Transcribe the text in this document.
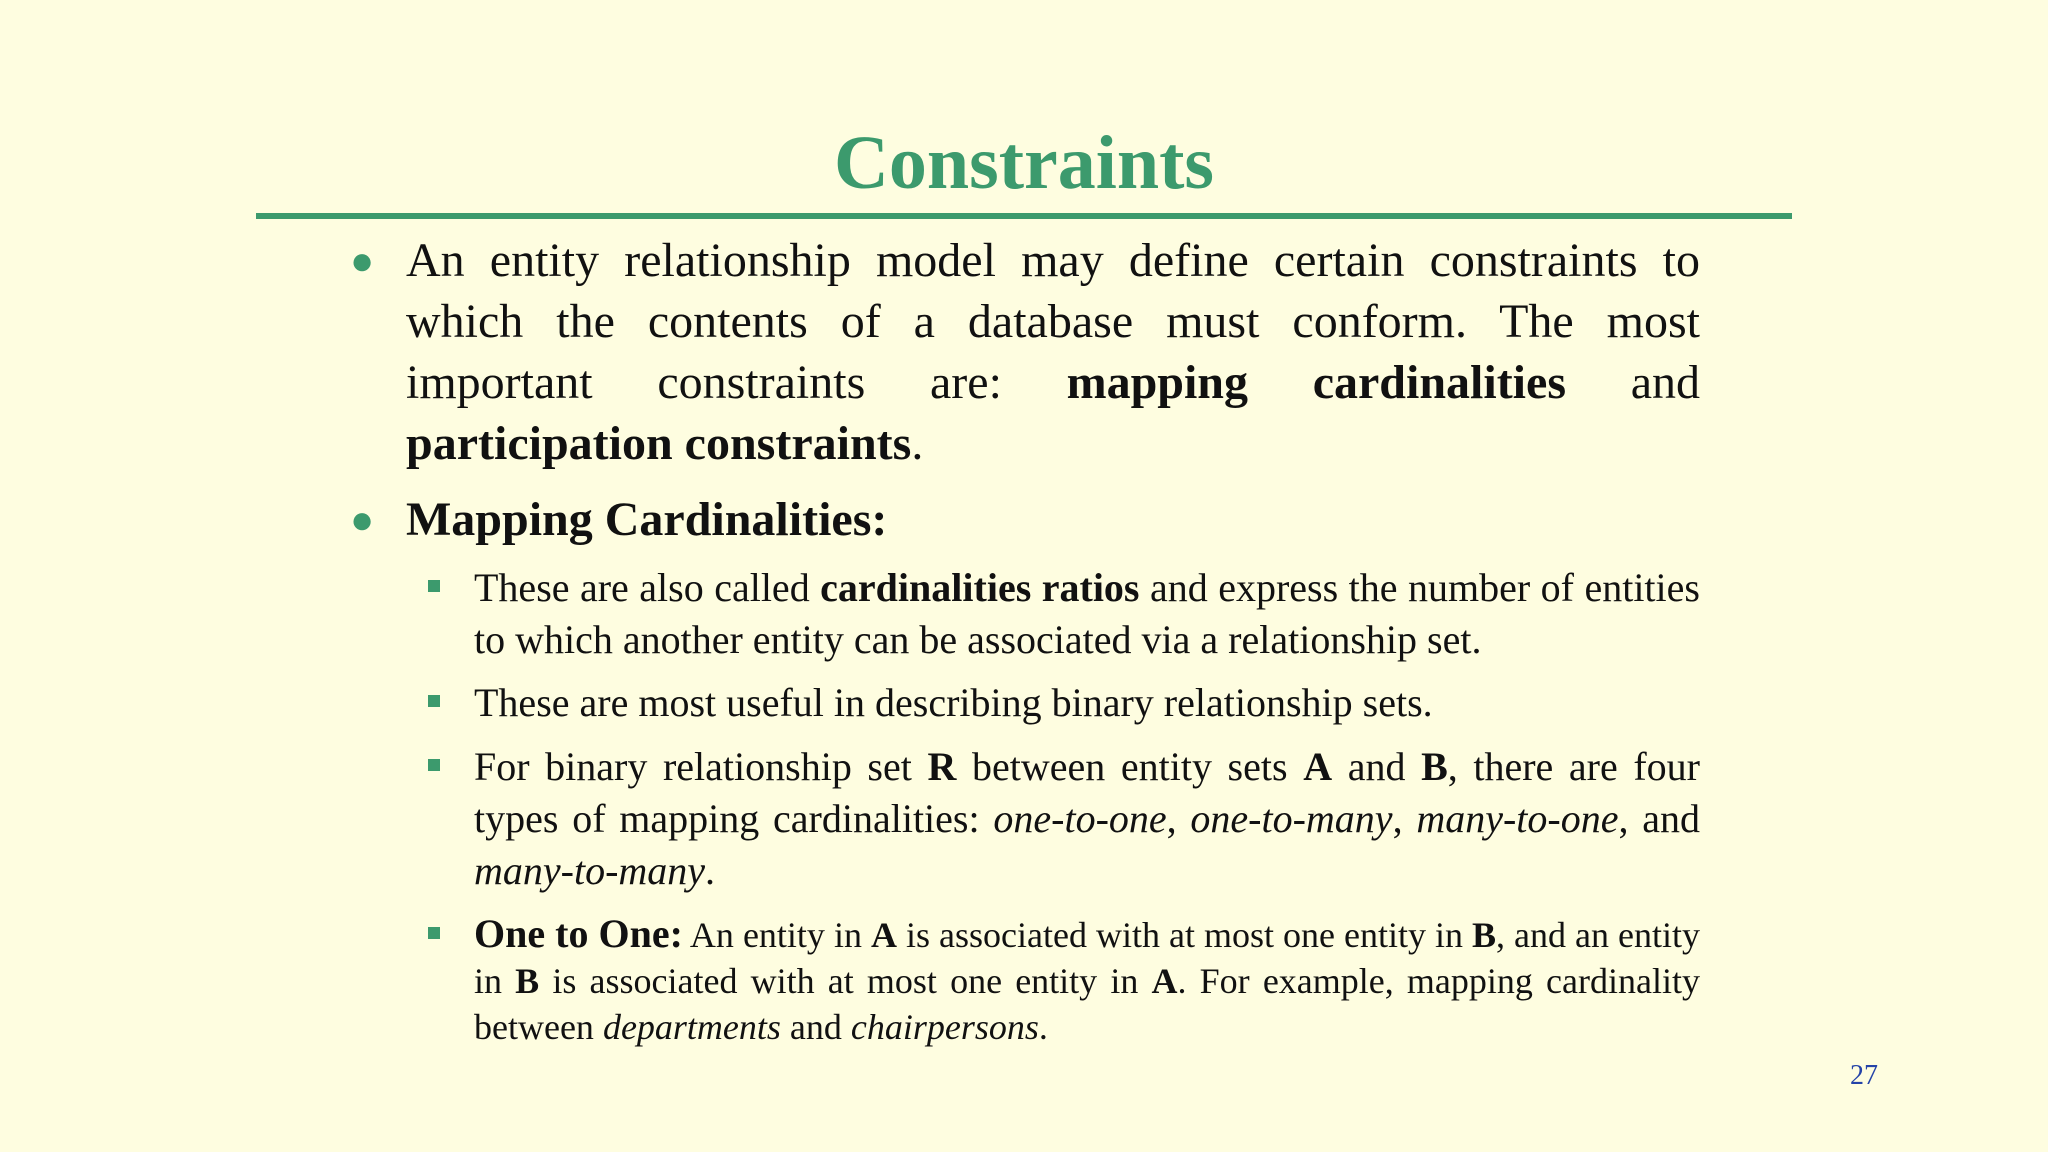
Constraints
● An entity relationship model may define certain constraints to which the contents of a database must conform. The most important constraints are: mapping cardinalities and participation constraints.
● Mapping Cardinalities:
These are also called cardinalities ratios and express the number of entities to which another entity can be associated via a relationship set.
These are most useful in describing binary relationship sets.
For binary relationship set R between entity sets A and B, there are four types of mapping cardinalities: one-to-one, one-to-many, many-to-one, and many-to-many.
One to One: An entity in A is associated with at most one entity in B, and an entity in B is associated with at most one entity in A. For example, mapping cardinality between departments and chairpersons.
27
